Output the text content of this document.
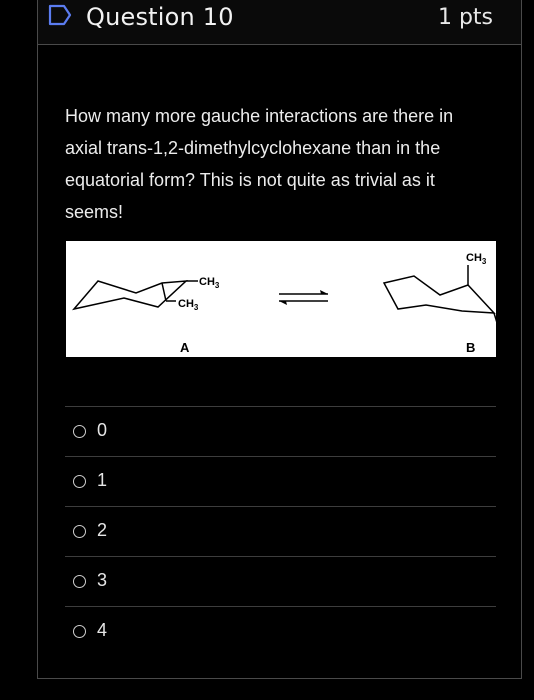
Question 10	1 pts
How many more gauche interactions are there in axial trans-1,2-dimethylcyclohexane than in the equatorial form? This is not quite as trivial as it seems!
$CH_3$
$CH_3$
A
$CH_3$
$CH_3$
B
0
1
2
3
4
